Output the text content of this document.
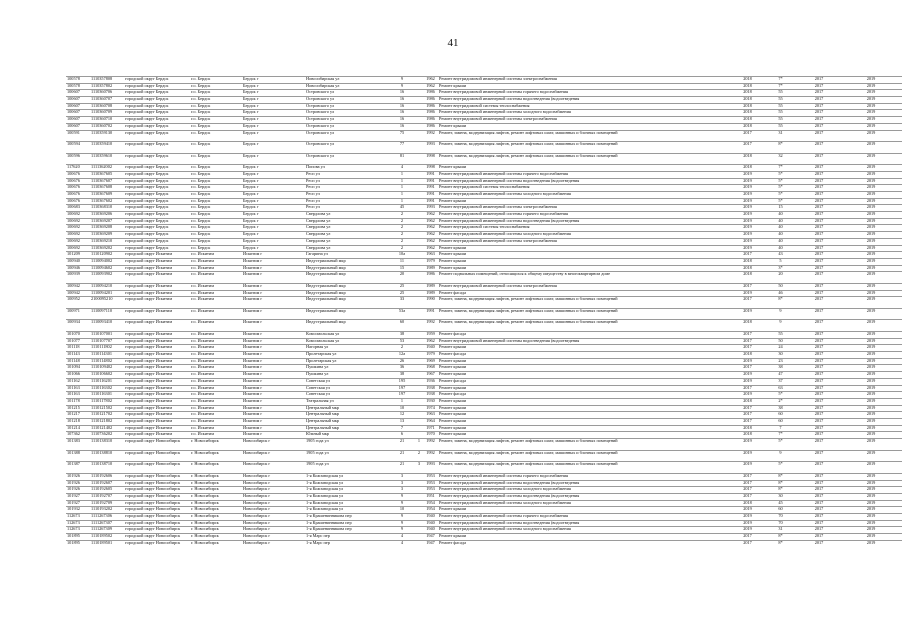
41
100578	1110357808	городской округ Бердск	г.о. Бердск	Бердск г	Новосибирская ул	9		1962	Ремонт внутридомовой инженерной системы электроснабжения	2018	7*	2017	2019
100578	1110357802	городской округ Бердск	г.о. Бердск	Бердск г	Новосибирская ул	9		1962	Ремонт крыши	2018	7*	2017	2019
100607	1110360706	городской округ Бердск	г.о. Бердск	Бердск г	Островского ул	16		1986	Ремонт внутридомовой инженерной системы горячего водоснабжения	2018	55	2017	2019
100607	1110360707	городской округ Бердск	г.о. Бердск	Бердск г	Островского ул	16		1986	Ремонт внутридомовой инженерной системы водоотведения (водоотведения	2018	55	2017	2019
100607	1110360708	городской округ Бердск	г.о. Бердск	Бердск г	Островского ул	16		1986	Ремонт внутридомовой системы теплоснабжения	2018	55	2017	2019
100607	1110360709	городской округ Бердск	г.о. Бердск	Бердск г	Островского ул	16		1986	Ремонт внутридомовой инженерной системы холодного водоснабжения	2018	55	2017	2019
100607	1110360710	городской округ Бердск	г.о. Бердск	Бердск г	Островского ул	16		1986	Ремонт внутридомовой инженерной системы электроснабжения	2018	55	2017	2019
100607	1110360702	городской округ Бердск	г.о. Бердск	Бердск г	Островского ул	16		1986	Ремонт крыши	2018	55	2017	2019
100591	1110359130	городской округ Бердск	г.о. Бердск	Бердск г	Островского ул	75		1992	Ремонт, замена, модернизация лифтов, ремонт лифтовых шахт, машинных и блочных помещений	2017	31	2017	2019
100594	1110359410	городской округ Бердск	г.о. Бердск	Бердск г	Островского ул	77		1993	Ремонт, замена, модернизация лифтов, ремонт лифтовых шахт, машинных и блочных помещений	2017	8*	2017	2019
100596	1110359610	городской округ Бердск	г.о. Бердск	Бердск г	Островского ул	81		1998	Ремонт, замена, модернизация лифтов, ремонт лифтовых шахт, машинных и блочных помещений	2018	32	2017	2019
117620	1111362002	городской округ Бердск	г.о. Бердск	Бердск г	Попова ул	4		1998	Ремонт крыши	2018	7*	2017	2019
100676	1110367605	городской округ Бердск	г.о. Бердск	Бердск г	Респ ул	1		1991	Ремонт внутридомовой инженерной системы горячего водоснабжения	2019	5*	2017	2019
100676	1110367607	городской округ Бердск	г.о. Бердск	Бердск г	Респ ул	1		1991	Ремонт внутридомовой инженерной системы водоотведения (водоотведения	2019	5*	2017	2019
100676	1110367608	городской округ Бердск	г.о. Бердск	Бердск г	Респ ул	1		1991	Ремонт внутридомовой системы теплоснабжения	2019	5*	2017	2019
100676	1110367609	городской округ Бердск	г.о. Бердск	Бердск г	Респ ул	1		1991	Ремонт внутридомовой инженерной системы холодного водоснабжения	2019	5*	2017	2019
100676	1110367602	городской округ Бердск	г.о. Бердск	Бердск г	Респ ул	1		1991	Ремонт крыши	2019	5*	2017	2019
100683	1110368310	городской округ Бердск	г.о. Бердск	Бердск г	Респ ул	45		1993	Ремонт внутридомовой инженерной системы электроснабжения	2019	15	2017	2019
100692	1110369206	городской округ Бердск	г.о. Бердск	Бердск г	Свердлова ул	2		1962	Ремонт внутридомовой инженерной системы горячего водоснабжения	2019	40	2017	2019
100692	1110369207	городской округ Бердск	г.о. Бердск	Бердск г	Свердлова ул	2		1962	Ремонт внутридомовой инженерной системы водоотведения (водоотведения	2019	40	2017	2019
100692	1110369208	городской округ Бердск	г.о. Бердск	Бердск г	Свердлова ул	2		1962	Ремонт внутридомовой системы теплоснабжения	2019	40	2017	2019
100692	1110369209	городской округ Бердск	г.о. Бердск	Бердск г	Свердлова ул	2		1962	Ремонт внутридомовой инженерной системы холодного водоснабжения	2019	40	2017	2019
100692	1110369210	городской округ Бердск	г.о. Бердск	Бердск г	Свердлова ул	2		1962	Ремонт внутридомовой инженерной системы электроснабжения	2019	40	2017	2019
100692	1110369202	городской округ Бердск	г.о. Бердск	Бердск г	Свердлова ул	2		1962	Ремонт крыши	2019	40	2017	2019
101209	1110120902	городской округ Искитим	г.о. Искитим	Искитим г	Гагарина ул	10а		1963	Ремонт крыши	2017	43	2017	2019
100940	1110094002	городской округ Искитим	г.о. Искитим	Искитим г	Индустриальный мкр	11		1979	Ремонт крыши	2018	5	2017	2019
100946	1110094602	городской округ Искитим	г.о. Искитим	Искитим г	Индустриальный мкр	15		1989	Ремонт крыши	2018	3*	2017	2019
100939	1110093902	городской округ Искитим	г.о. Искитим	Искитим г	Индустриальный мкр	20		1986	Ремонт подвальных помещений, относящихся к общему имуществу в многоквартирном доме	2018	20	2017	2019
100942	1110094210	городской округ Искитим	г.о. Искитим	Искитим г	Индустриальный мкр	25		1989	Ремонт внутридомовой инженерной системы электроснабжения	2017	50	2017	2019
100942	1110094201	городской округ Искитим	г.о. Искитим	Искитим г	Индустриальный мкр	25		1989	Ремонт фасада	2019	46	2017	2019
100952	2100095210	городской округ Искитим	г.о. Искитим	Искитим г	Индустриальный мкр	33		1990	Ремонт, замена, модернизация лифтов, ремонт лифтовых шахт, машинных и блочных помещений	2017	8*	2017	2019
100971	1110097110	городской округ Искитим	г.о. Искитим	Искитим г	Индустриальный мкр	53а		1991	Ремонт, замена, модернизация лифтов, ремонт лифтовых шахт, машинных и блочных помещений	2019	9	2017	2019
100934	1110093410	городской округ Искитим	г.о. Искитим	Искитим г	Индустриальный мкр	60		1992	Ремонт, замена, модернизация лифтов, ремонт лифтовых шахт, машинных и блочных помещений	2018	9	2017	2019
101070	1110107001	городской округ Искитим	г.о. Искитим	Искитим г	Комсомольская ул	38		1959	Ремонт фасада	2017	55	2017	2019
101077	1110107707	городской округ Искитим	г.о. Искитим	Искитим г	Комсомольская ул	53		1962	Ремонт внутридомовой инженерной системы водоотведения (водоотведения	2017	50	2017	2019
101118	1110111802	городской округ Искитим	г.о. Искитим	Искитим г	Нагорная ул	2		1940	Ремонт крыши	2017	24	2017	2019
101143	1110114301	городской округ Искитим	г.о. Искитим	Искитим г	Пролетарская ул	12а		1979	Ремонт фасада	2018	30	2017	2019
101148	1110114802	городской округ Искитим	г.о. Искитим	Искитим г	Пролетарская ул	26		1969	Ремонт крыши	2019	23	2017	2019
101094	1110109402	городской округ Искитим	г.о. Искитим	Искитим г	Пушкина ул	36		1968	Ремонт крыши	2017	38	2017	2019
101066	1110106602	городской округ Искитим	г.о. Искитим	Искитим г	Пушкина ул	38		1967	Ремонт крыши	2019	47	2017	2019
101162	1110116201	городской округ Искитим	г.о. Искитим	Искитим г	Советская ул	195		1936	Ремонт фасада	2019	37	2017	2019
101163	1110116302	городской округ Искитим	г.о. Искитим	Искитим г	Советская ул	197		1938	Ремонт крыши	2017	63	2017	2019
101163	1110116301	городской округ Искитим	г.о. Искитим	Искитим г	Советская ул	197		1938	Ремонт фасада	2019	5*	2017	2019
101178	1110117802	городской округ Искитим	г.о. Искитим	Искитим г	Театральная ул	1		1930	Ремонт крыши	2018	2*	2017	2019
101215	1110121502	городской округ Искитим	г.о. Искитим	Искитим г	Центральный мкр	10		1974	Ремонт крыши	2017	38	2017	2019
101217	1110121702	городской округ Искитим	г.о. Искитим	Искитим г	Центральный мкр	12		1963	Ремонт крыши	2017	60	2017	2019
101218	1110121802	городской округ Искитим	г.о. Искитим	Искитим г	Центральный мкр	13		1964	Ремонт крыши	2017	60	2017	2019
101214	1110121402	городской округ Искитим	г.о. Искитим	Искитим г	Центральный мкр	7		1971	Ремонт крыши	2018	7	2017	2019
107362	1110736202	городской округ Искитим	г.о. Искитим	Искитим г	Южный мкр	6		1970	Ремонт крыши	2018	7*	2017	2019
101383	1110138310	городской округ Новосибирск	г. Новосибирск	Новосибирск г	1905 года ул	21	1	1992	Ремонт, замена, модернизация лифтов, ремонт лифтовых шахт, машинных и блочных помещений	2019	5*	2017	2019
101388	1110138810	городской округ Новосибирск	г. Новосибирск	Новосибирск г	1905 года ул	21	2	1992	Ремонт, замена, модернизация лифтов, ремонт лифтовых шахт, машинных и блочных помещений	2019	9	2017	2019
101387	1110138710	городской округ Новосибирск	г. Новосибирск	Новосибирск г	1905 года ул	21	3	1993	Ремонт, замена, модернизация лифтов, ремонт лифтовых шахт, машинных и блочных помещений	2019	5*	2017	2019
101926	1110192606	городской округ Новосибирск	г. Новосибирск	Новосибирск г	1-я Кожзаводская ул	3		1953	Ремонт внутридомовой инженерной системы горячего водоснабжения	2017	8*	2017	2019
101926	1110192607	городской округ Новосибирск	г. Новосибирск	Новосибирск г	1-я Кожзаводская ул	3		1953	Ремонт внутридомовой инженерной системы водоотведения (водоотведения	2017	8*	2017	2019
101926	1110192605	городской округ Новосибирск	г. Новосибирск	Новосибирск г	1-я Кожзаводская ул	3		1953	Ремонт внутридомовой инженерной системы холодного водоснабжения	2017	8*	2017	2019
101927	1110192707	городской округ Новосибирск	г. Новосибирск	Новосибирск г	1-я Кожзаводская ул	9		1951	Ремонт внутридомовой инженерной системы водоотведения (водоотведения	2017	30	2017	2019
101927	1110192709	городской округ Новосибирск	г. Новосибирск	Новосибирск г	1-я Кожзаводская ул	9		1954	Ремонт внутридомовой инженерной системы холодного водоснабжения	2018	45	2017	2019
101932	1110193202	городской округ Новосибирск	г. Новосибирск	Новосибирск г	1-я Кожзаводская ул	10		1954	Ремонт крыши	2019	60	2017	2019
112673	1111267306	городской округ Новосибирск	г. Новосибирск	Новосибирск г	1-я Крашенинникова пер	9		1940	Ремонт внутридомовой инженерной системы горячего водоснабжения	2019	70	2017	2019
112673	1111267307	городской округ Новосибирск	г. Новосибирск	Новосибирск г	1-я Крашенинникова пер	9		1940	Ремонт внутридомовой инженерной системы водоотведения (водоотведения	2019	70	2017	2019
112673	1111267309	городской округ Новосибирск	г. Новосибирск	Новосибирск г	1-я Крашенинникова пер	9		1940	Ремонт внутридомовой инженерной системы холодного водоснабжения	2019	31	2017	2019
101895	1110189502	городской округ Новосибирск	г. Новосибирск	Новосибирск г	1-я Марс пер	4		1947	Ремонт крыши	2017	8*	2017	2019
101895	1110189501	городской округ Новосибирск	г. Новосибирск	Новосибирск г	1-я Марс пер	4		1947	Ремонт фасада	2017	8*	2017	2019
